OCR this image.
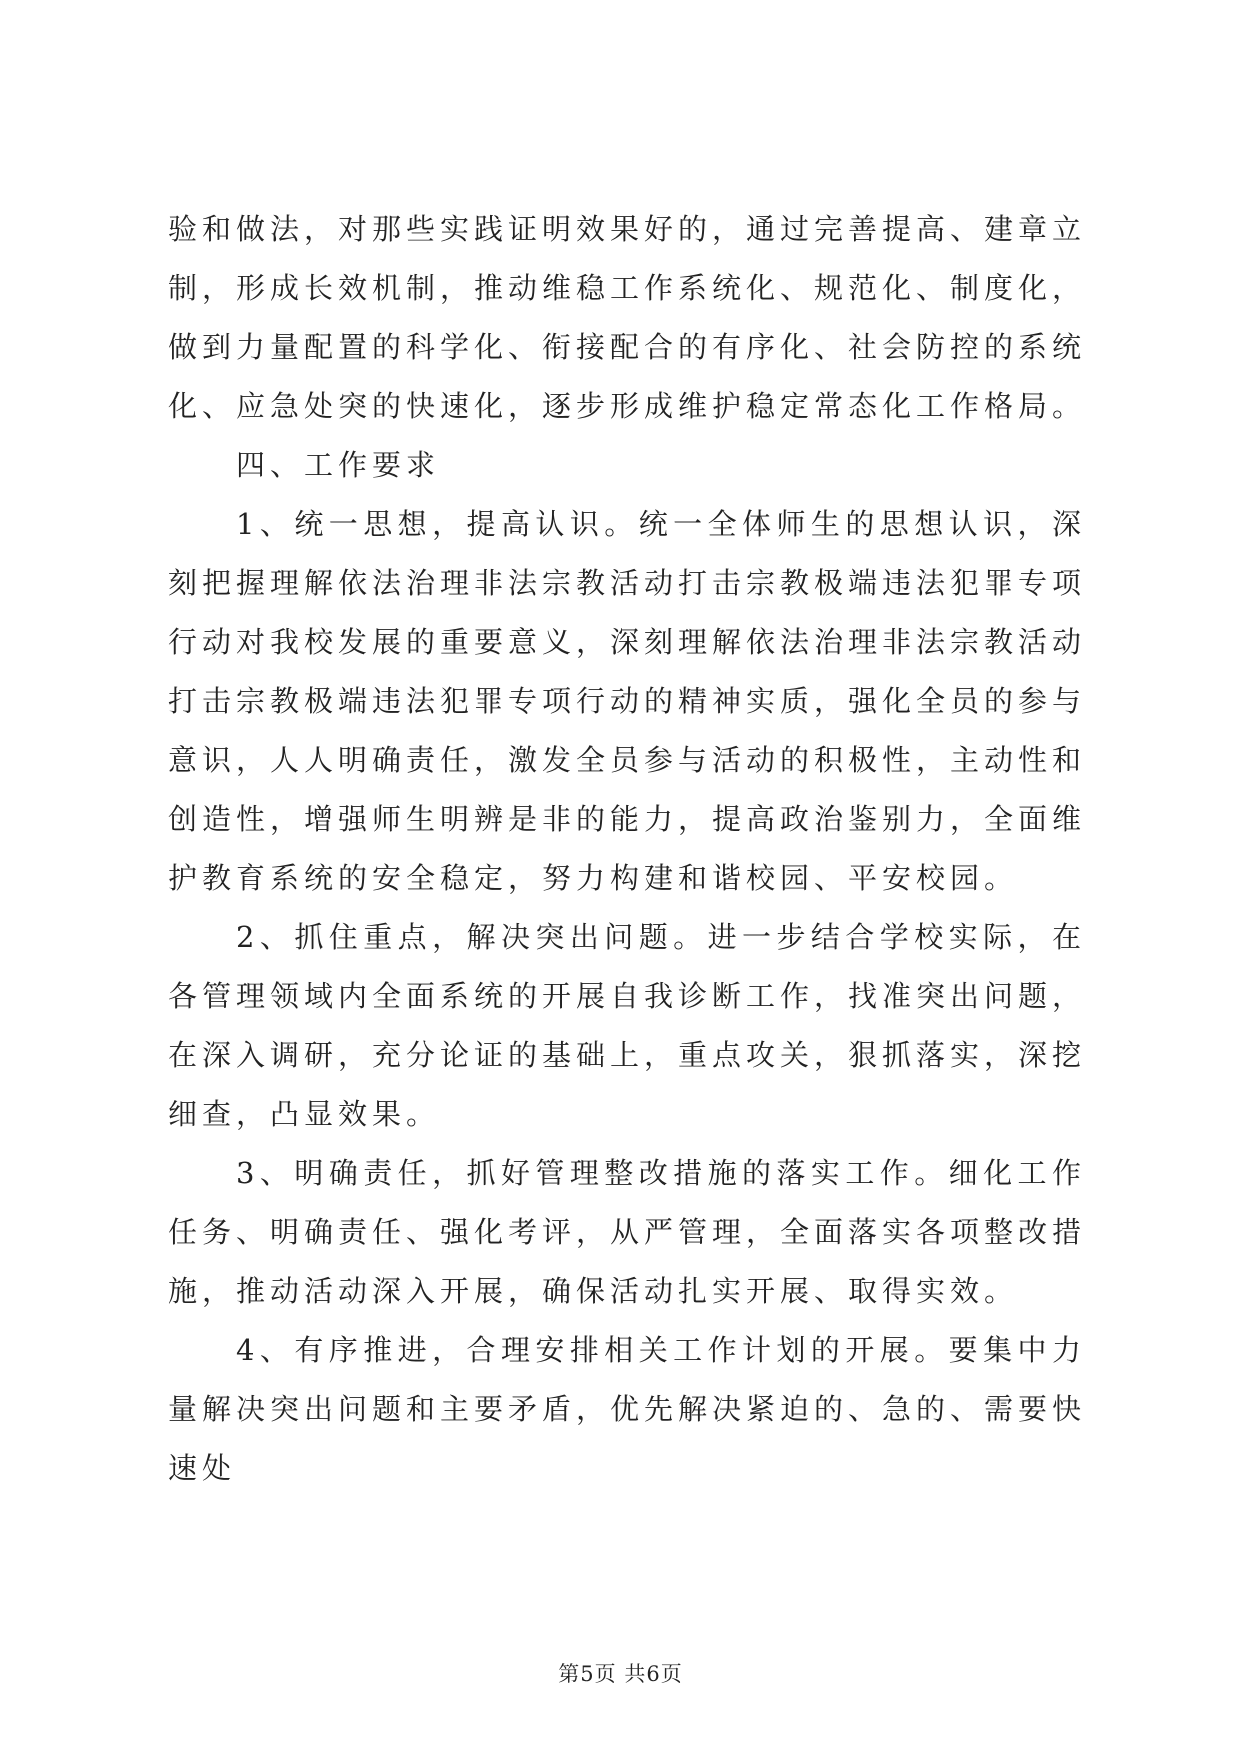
验和做法，对那些实践证明效果好的，通过完善提高、建章立制，形成长效机制，推动维稳工作系统化、规范化、制度化，做到力量配置的科学化、衔接配合的有序化、社会防控的系统化、应急处突的快速化，逐步形成维护稳定常态化工作格局。

四、工作要求

1、统一思想，提高认识。统一全体师生的思想认识，深刻把握理解依法治理非法宗教活动打击宗教极端违法犯罪专项行动对我校发展的重要意义，深刻理解依法治理非法宗教活动打击宗教极端违法犯罪专项行动的精神实质，强化全员的参与意识，人人明确责任，激发全员参与活动的积极性，主动性和创造性，增强师生明辨是非的能力，提高政治鉴别力，全面维护教育系统的安全稳定，努力构建和谐校园、平安校园。

2、抓住重点，解决突出问题。进一步结合学校实际，在各管理领域内全面系统的开展自我诊断工作，找准突出问题，在深入调研，充分论证的基础上，重点攻关，狠抓落实，深挖细查，凸显效果。

3、明确责任，抓好管理整改措施的落实工作。细化工作任务、明确责任、强化考评，从严管理，全面落实各项整改措施，推动活动深入开展，确保活动扎实开展、取得实效。

4、有序推进，合理安排相关工作计划的开展。要集中力量解决突出问题和主要矛盾，优先解决紧迫的、急的、需要快速处

第5页 共6页
